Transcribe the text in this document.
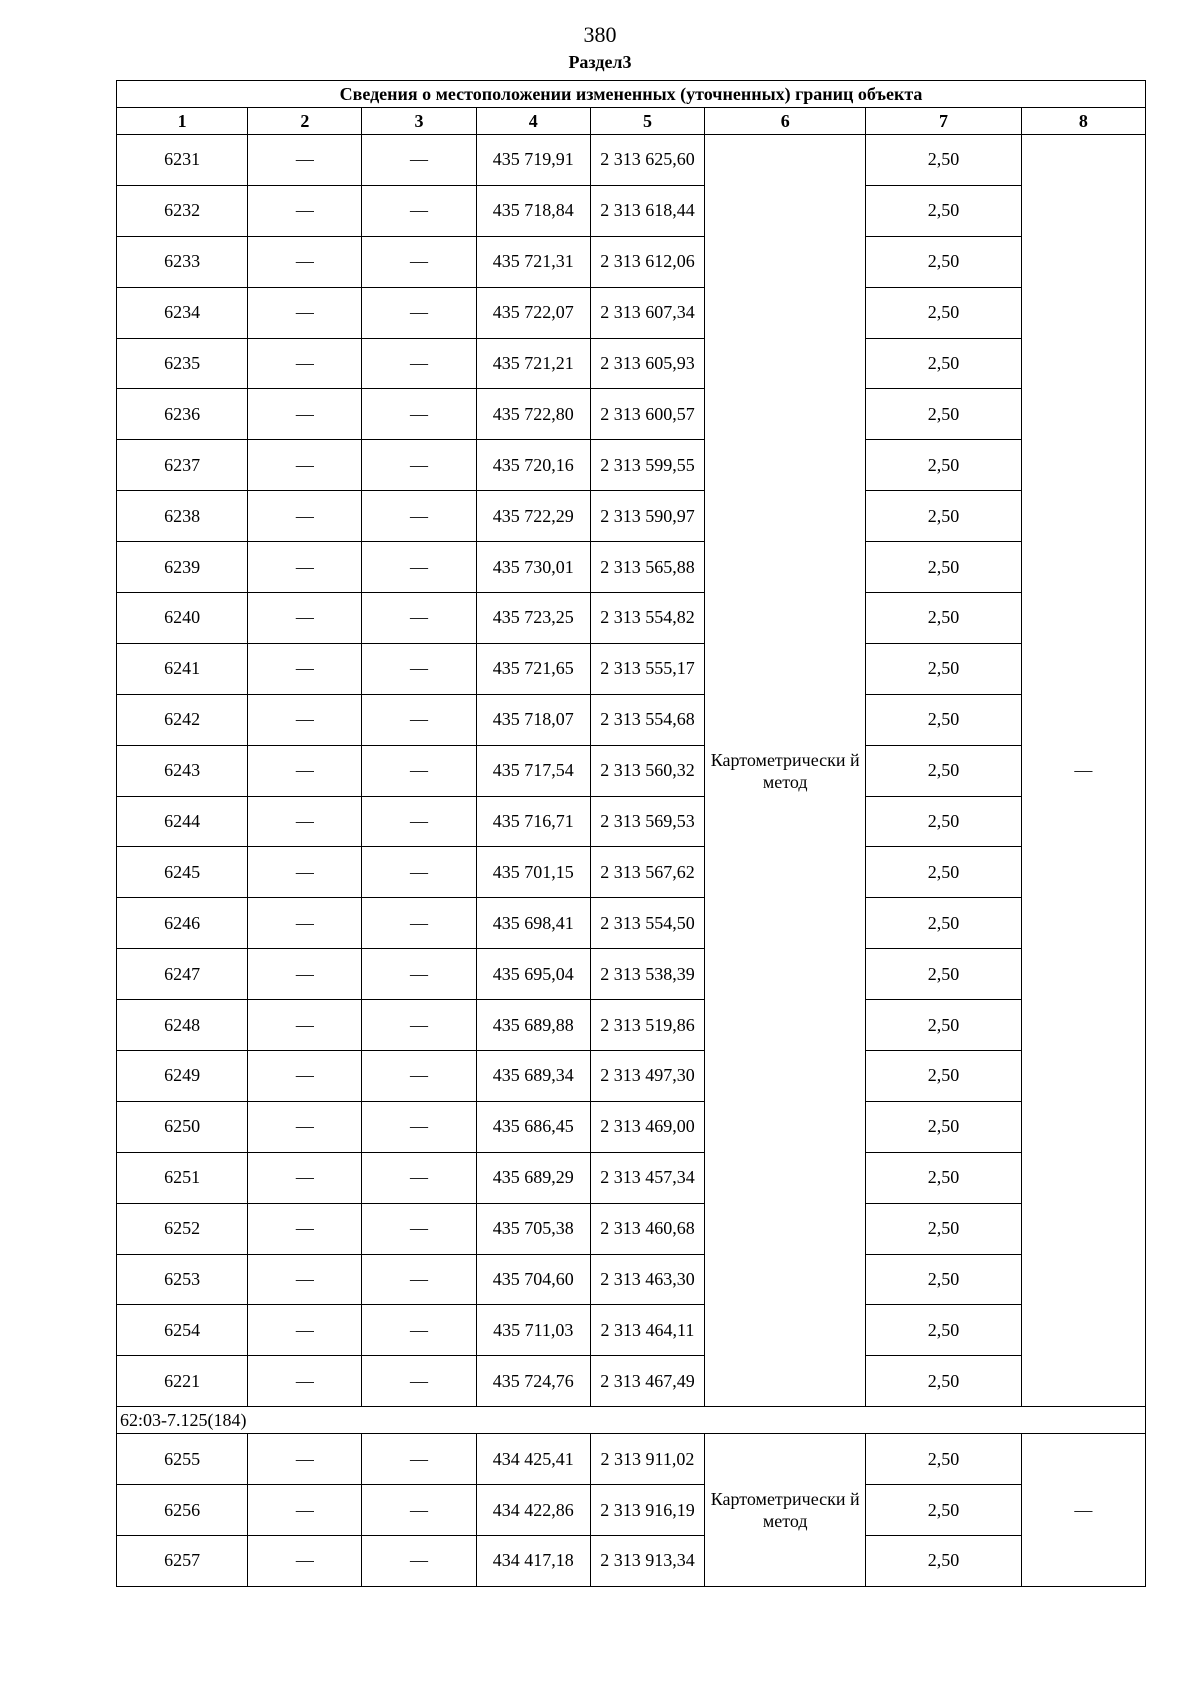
380
Раздел3
Сведения о местоположении измененных (уточненных) границ объекта							
1	2	3	4	5	6	7	8
6231	—	—	435 719,91	2 313 625,60	Картометрически й метод	2,50	—
6232	—	—	435 718,84	2 313 618,44		2,50	
6233	—	—	435 721,31	2 313 612,06		2,50	
6234	—	—	435 722,07	2 313 607,34		2,50	
6235	—	—	435 721,21	2 313 605,93		2,50	
6236	—	—	435 722,80	2 313 600,57		2,50	
6237	—	—	435 720,16	2 313 599,55		2,50	
6238	—	—	435 722,29	2 313 590,97		2,50	
6239	—	—	435 730,01	2 313 565,88		2,50	
6240	—	—	435 723,25	2 313 554,82		2,50	
6241	—	—	435 721,65	2 313 555,17		2,50	
6242	—	—	435 718,07	2 313 554,68		2,50	
6243	—	—	435 717,54	2 313 560,32		2,50	
6244	—	—	435 716,71	2 313 569,53		2,50	
6245	—	—	435 701,15	2 313 567,62		2,50	
6246	—	—	435 698,41	2 313 554,50		2,50	
6247	—	—	435 695,04	2 313 538,39		2,50	
6248	—	—	435 689,88	2 313 519,86		2,50	
6249	—	—	435 689,34	2 313 497,30		2,50	
6250	—	—	435 686,45	2 313 469,00		2,50	
6251	—	—	435 689,29	2 313 457,34		2,50	
6252	—	—	435 705,38	2 313 460,68		2,50	
6253	—	—	435 704,60	2 313 463,30		2,50	
6254	—	—	435 711,03	2 313 464,11		2,50	
6221	—	—	435 724,76	2 313 467,49		2,50	
62:03-7.125(184)							
6255	—	—	434 425,41	2 313 911,02	Картометрически й метод	2,50	—
6256	—	—	434 422,86	2 313 916,19		2,50	
6257	—	—	434 417,18	2 313 913,34		2,50	
